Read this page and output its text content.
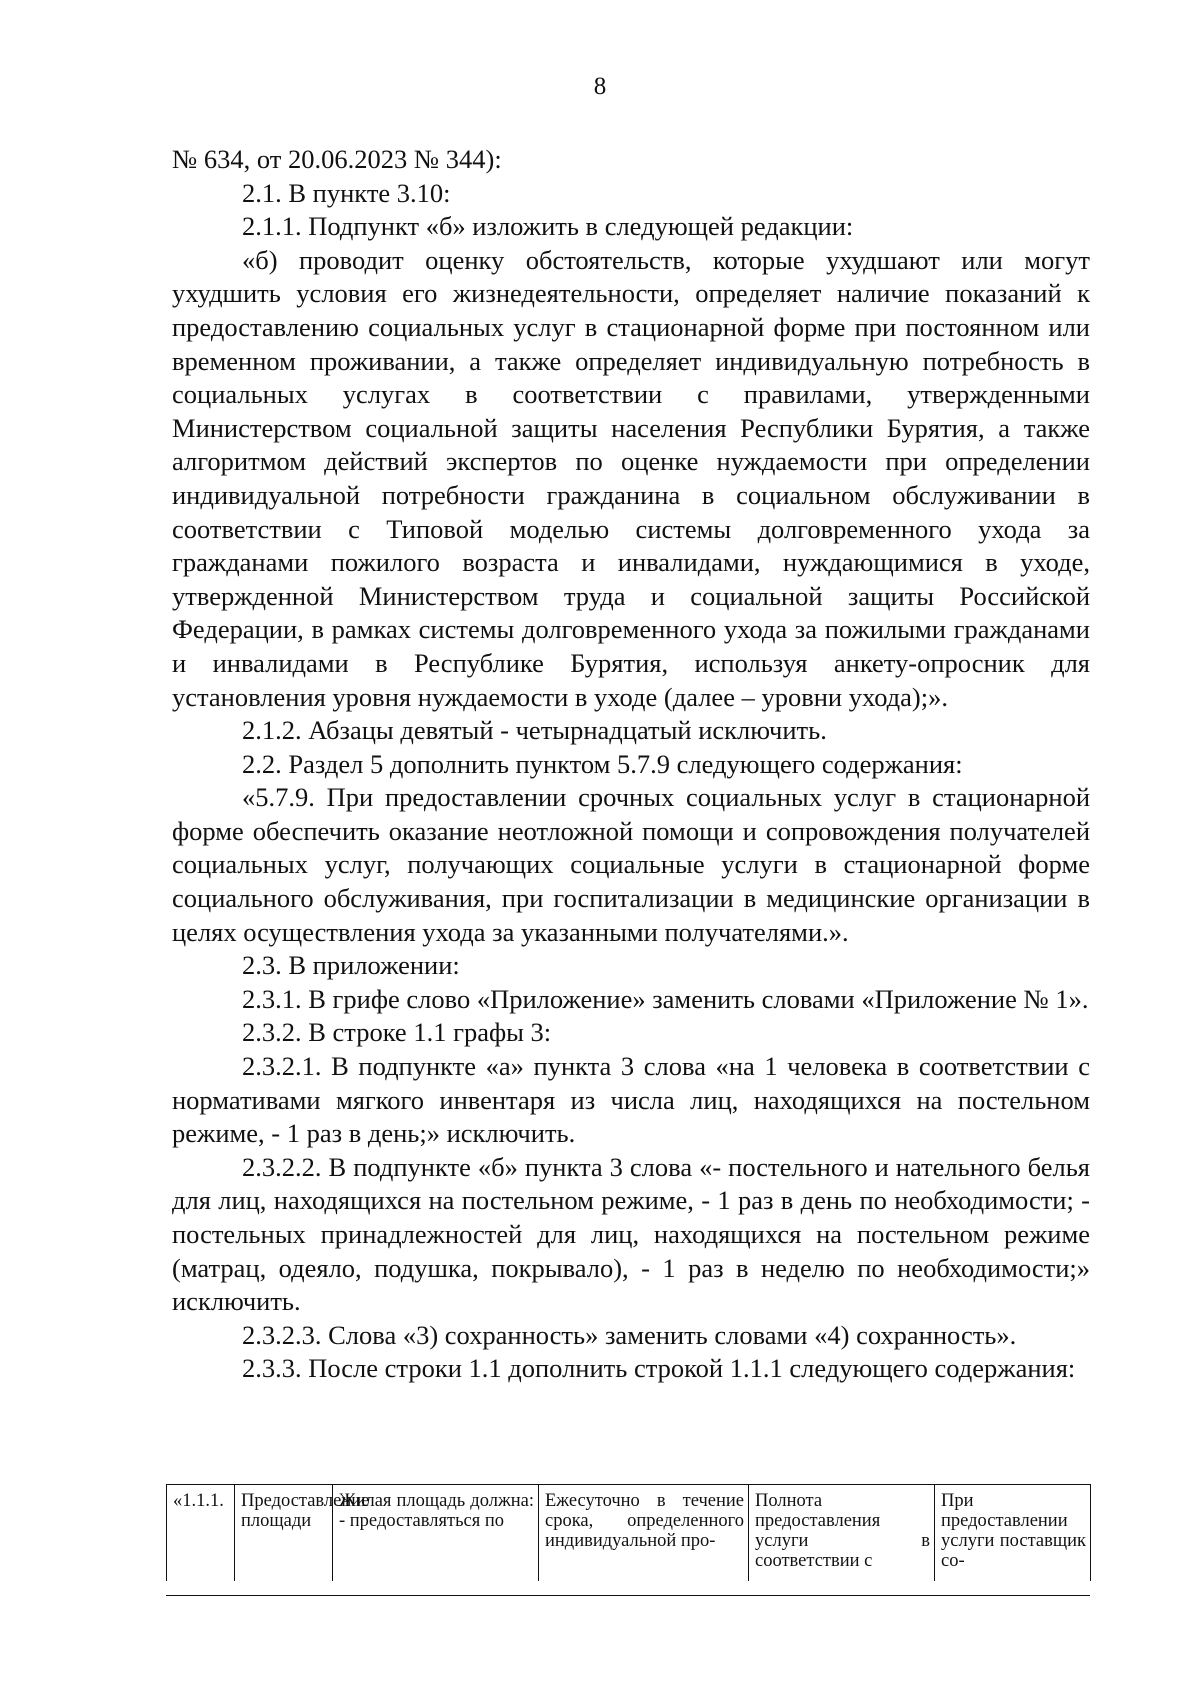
8

№ 634, от 20.06.2023 № 344):

2.1. В пункте 3.10:

2.1.1. Подпункт «б» изложить в следующей редакции:

«б) проводит оценку обстоятельств, которые ухудшают или могут ухудшить условия его жизнедеятельности, определяет наличие показаний к предоставлению социальных услуг в стационарной форме при постоянном или временном проживании, а также определяет индивидуальную потребность в социальных услугах в соответствии с правилами, утвержденными Министерством социальной защиты населения Республики Бурятия, а также алгоритмом действий экспертов по оценке нуждаемости при определении индивидуальной потребности гражданина в социальном обслуживании в соответствии с Типовой моделью системы долговременного ухода за гражданами пожилого возраста и инвалидами, нуждающимися в уходе, утвержденной Министерством труда и социальной защиты Российской Федерации, в рамках системы долговременного ухода за пожилыми гражданами и инвалидами в Республике Бурятия, используя анкету-опросник для установления уровня нуждаемости в уходе (далее – уровни ухода);».

2.1.2. Абзацы девятый - четырнадцатый исключить.

2.2. Раздел 5 дополнить пунктом 5.7.9 следующего содержания:

«5.7.9. При предоставлении срочных социальных услуг в стационарной форме обеспечить оказание неотложной помощи и сопровождения получателей социальных услуг, получающих социальные услуги в стационарной форме социального обслуживания, при госпитализации в медицинские организации в целях осуществления ухода за указанными получателями.».

2.3. В приложении:

2.3.1. В грифе слово «Приложение» заменить словами «Приложение № 1».

2.3.2. В строке 1.1 графы 3:

2.3.2.1. В подпункте «а» пункта 3 слова «на 1 человека в соответствии с нормативами мягкого инвентаря из числа лиц, находящихся на постельном режиме, - 1 раз в день;» исключить.

2.3.2.2. В подпункте «б» пункта 3 слова «- постельного и нательного белья для лиц, находящихся на постельном режиме, - 1 раз в день по необходимости; - постельных принадлежностей для лиц, находящихся на постельном режиме (матрац, одеяло, подушка, покрывало), - 1 раз в неделю по необходимости;» исключить.

2.3.2.3. Слова «3) сохранность» заменить словами «4) сохранность».

2.3.3. После строки 1.1 дополнить строкой 1.1.1 следующего содержания:

«1.1.1.	Предоставление площади	Жилая площадь должна: - предоставляться по	Ежесуточно в течение срока, определенного индивидуальной про-	Полнота предоставления услуги в соответствии с	При предоставлении услуги поставщик со-
